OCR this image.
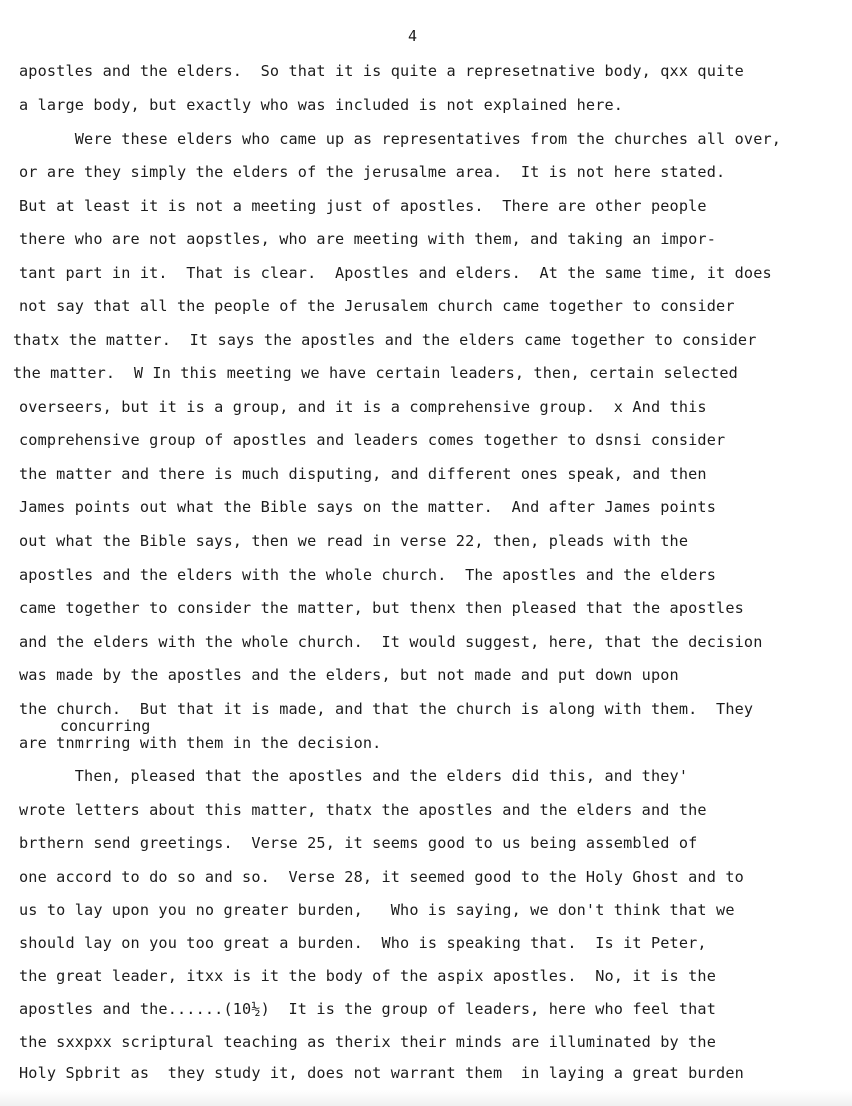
4
apostles and the elders.  So that it is quite a represetnative body, qxx quite
a large body, but exactly who was included is not explained here.
Were these elders who came up as representatives from the churches all over,
or are they simply the elders of the jerusalme area.  It is not here stated.
But at least it is not a meeting just of apostles.  There are other people
there who are not aopstles, who are meeting with them, and taking an impor-
tant part in it.  That is clear.  Apostles and elders.  At the same time, it does
not say that all the people of the Jerusalem church came together to consider
thatx the matter.  It says the apostles and the elders came together to consider
the matter.  W In this meeting we have certain leaders, then, certain selected
overseers, but it is a group, and it is a comprehensive group.  x And this
comprehensive group of apostles and leaders comes together to dsnsi consider
the matter and there is much disputing, and different ones speak, and then
James points out what the Bible says on the matter.  And after James points
out what the Bible says, then we read in verse 22, then, pleads with the
apostles and the elders with the whole church.  The apostles and the elders
came together to consider the matter, but thenx then pleased that the apostles
and the elders with the whole church.  It would suggest, here, that the decision
was made by the apostles and the elders, but not made and put down upon
the church.  But that it is made, and that the church is along with them.  They
concurring
are tnmrring with them in the decision.
Then, pleased that the apostles and the elders did this, and they'
wrote letters about this matter, thatx the apostles and the elders and the
brthern send greetings.  Verse 25, it seems good to us being assembled of
one accord to do so and so.  Verse 28, it seemed good to the Holy Ghost and to
us to lay upon you no greater burden,   Who is saying, we don't think that we
should lay on you too great a burden.  Who is speaking that.  Is it Peter,
the great leader, itxx is it the body of the aspix apostles.  No, it is the
apostles and the......(10½)  It is the group of leaders, here who feel that
the sxxpxx scriptural teaching as therix their minds are illuminated by the
Holy Spbrit as  they study it, does not warrant them  in laying a great burden
